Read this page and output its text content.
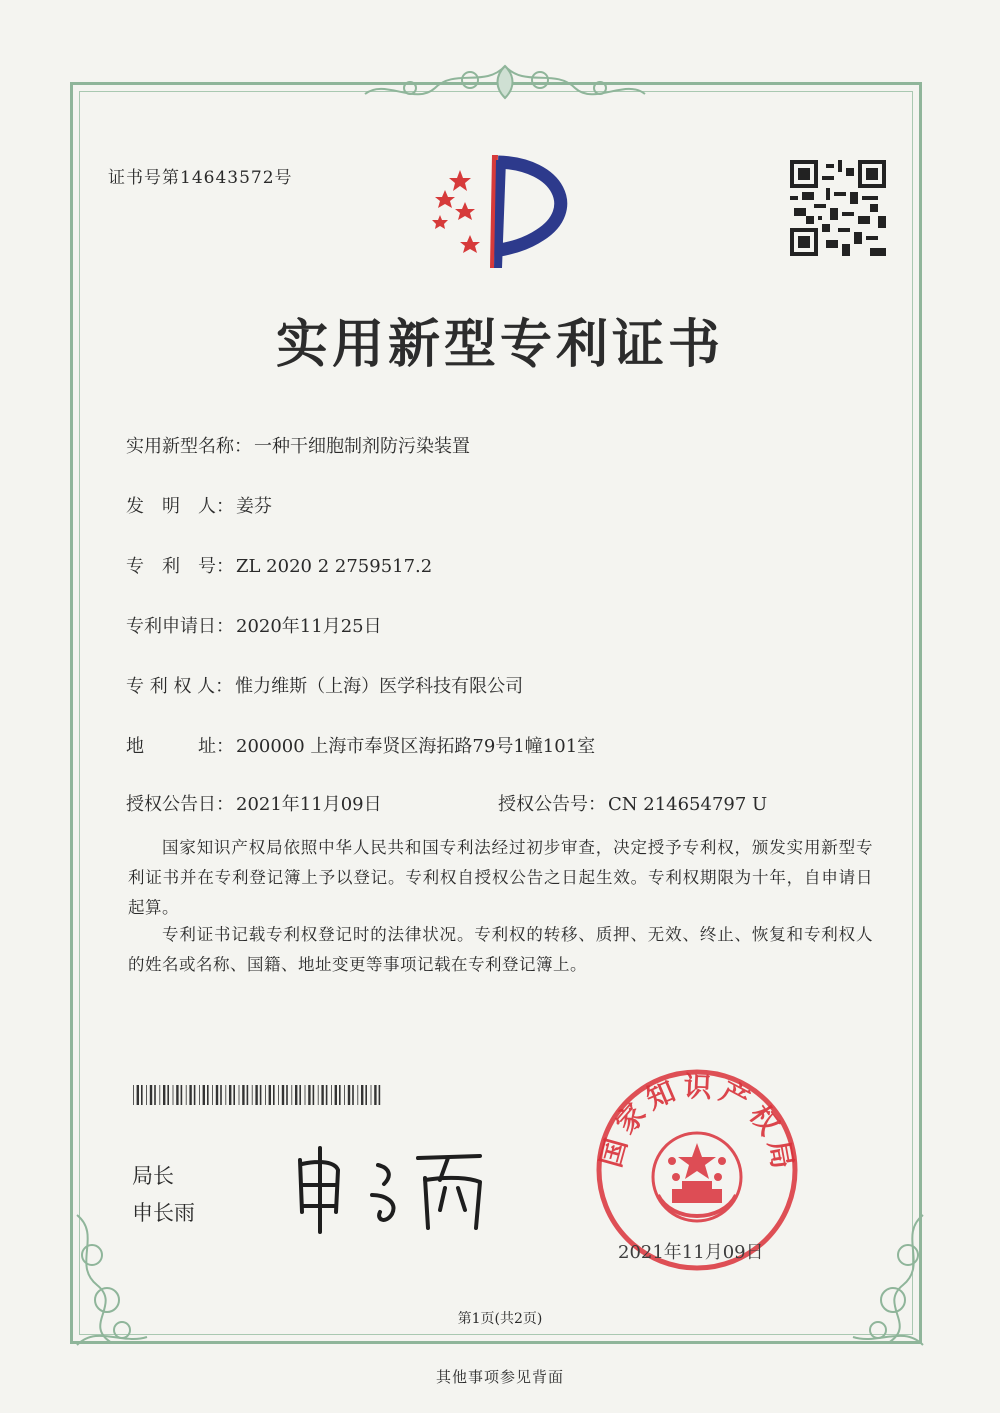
证书号第14643572号
实用新型专利证书
实用新型名称： 一种干细胞制剂防污染装置
发　明　人： 姜芬
专　利　号： ZL 2020 2 2759517.2
专利申请日： 2020年11月25日
专 利 权 人： 惟力维斯（上海）医学科技有限公司
地　　　址： 200000 上海市奉贤区海拓路79号1幢101室
授权公告日： 2021年11月09日	授权公告号： CN 214654797 U
国家知识产权局依照中华人民共和国专利法经过初步审查，决定授予专利权，颁发实用新型专利证书并在专利登记簿上予以登记。专利权自授权公告之日起生效。专利权期限为十年，自申请日起算。
专利证书记载专利权登记时的法律状况。专利权的转移、质押、无效、终止、恢复和专利权人的姓名或名称、国籍、地址变更等事项记载在专利登记簿上。
局长
申长雨
国家知识产权局
2021年11月09日
第1页(共2页)
其他事项参见背面
